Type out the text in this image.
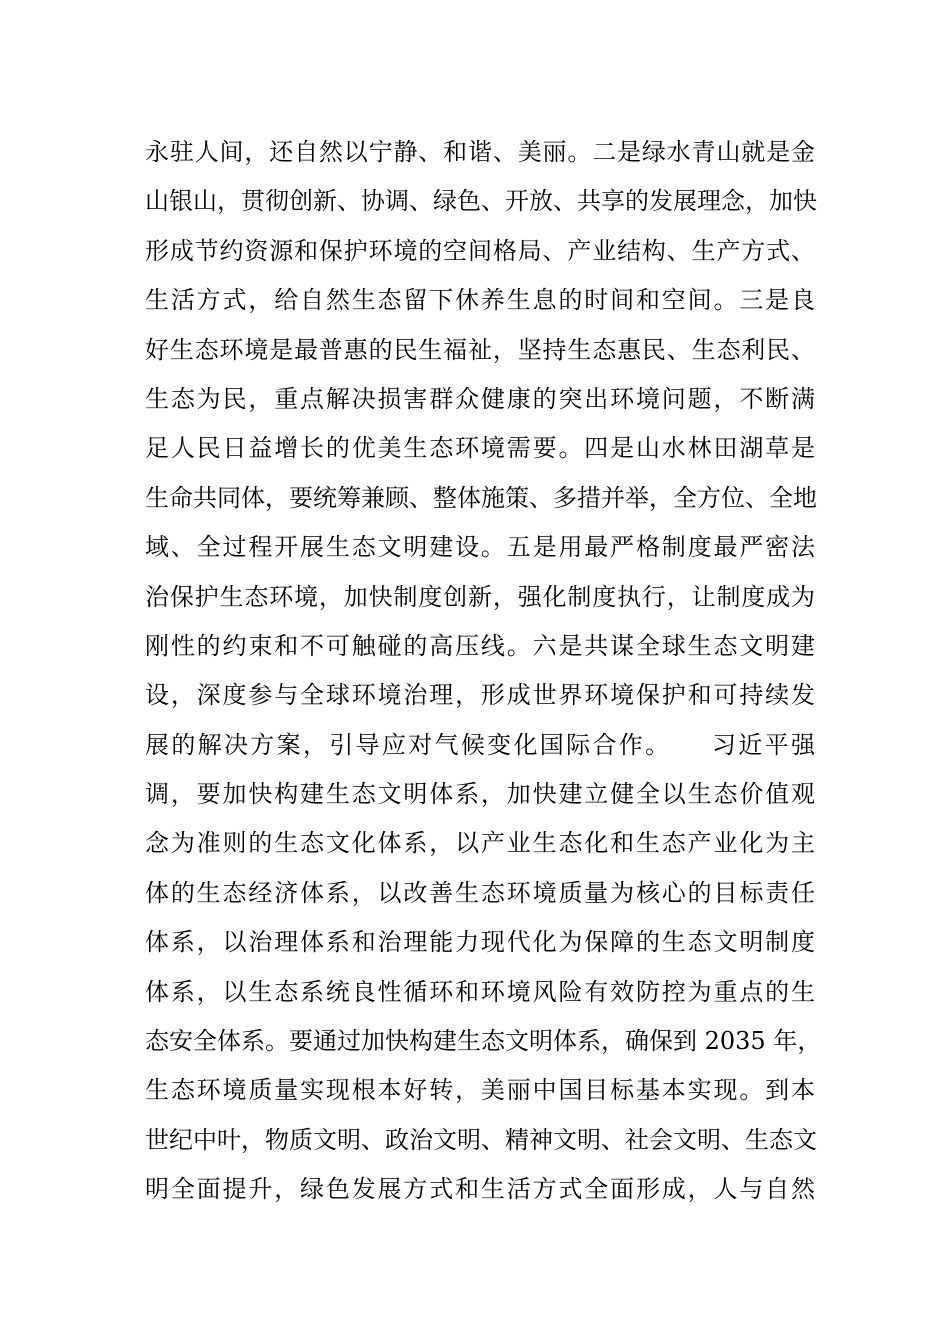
永驻人间，还自然以宁静、和谐、美丽。二是绿水青山就是金
山银山，贯彻创新、协调、绿色、开放、共享的发展理念，加快
形成节约资源和保护环境的空间格局、产业结构、生产方式、
生活方式，给自然生态留下休养生息的时间和空间。三是良
好生态环境是最普惠的民生福祉，坚持生态惠民、生态利民、
生态为民，重点解决损害群众健康的突出环境问题，不断满
足人民日益增长的优美生态环境需要。四是山水林田湖草是
生命共同体，要统筹兼顾、整体施策、多措并举，全方位、全地
域、全过程开展生态文明建设。五是用最严格制度最严密法
治保护生态环境，加快制度创新，强化制度执行，让制度成为
刚性的约束和不可触碰的高压线。六是共谋全球生态文明建
设，深度参与全球环境治理，形成世界环境保护和可持续发
展的解决方案，引导应对气候变化国际合作。　　习近平强
调，要加快构建生态文明体系，加快建立健全以生态价值观
念为准则的生态文化体系，以产业生态化和生态产业化为主
体的生态经济体系，以改善生态环境质量为核心的目标责任
体系，以治理体系和治理能力现代化为保障的生态文明制度
体系，以生态系统良性循环和环境风险有效防控为重点的生
态安全体系。要通过加快构建生态文明体系，确保到 2035 年，
生态环境质量实现根本好转，美丽中国目标基本实现。到本
世纪中叶，物质文明、政治文明、精神文明、社会文明、生态文
明全面提升，绿色发展方式和生活方式全面形成，人与自然
